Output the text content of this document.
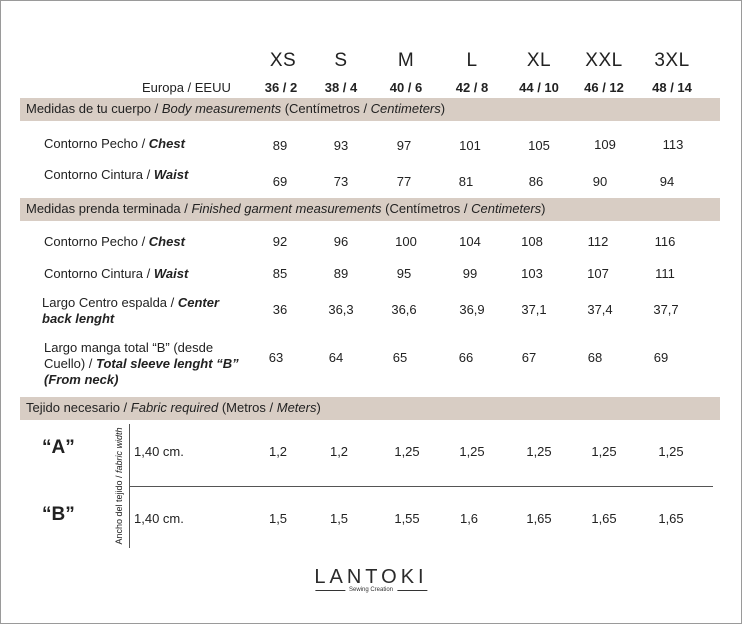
XS S	M	L	XL XXL 3XL
Europa / EEUU	36 / 2 38 / 4 40 / 6	42 / 8 44 / 10 46 / 12 48 / 14
Medidas de tu cuerpo / Body measurements (Centímetros / Centimeters)
Contorno Pecho / Chest	89	93	97	101	105	109	113
Contorno Cintura / Waist	69	73	77	81	86	90	94
Medidas prenda terminada / Finished garment measurements (Centímetros / Centimeters)
Contorno Pecho / Chest	92	96	100	104	108	112	116
Contorno Cintura / Waist	85	89	95	99	103	107	111
Largo Centro espalda / Center
back lenght
36	36,3	36,6	36,9	37,1	37,4	37,7
Largo manga total “B” (desde
Cuello) / Total sleeve lenght “B”
(From neck)
63	64	65	66	67	68	69
Tejido necesario / Fabric required (Metros / Meters)
Ancho del tejido / fabric width
“A”	1,40 cm.	1,2	1,2	1,25	1,25	1,25	1,25	1,25
“B”	1,40 cm.	1,5	1,5	1,55	1,6	1,65	1,65	1,65
LANTOKI
Sewing Creation
